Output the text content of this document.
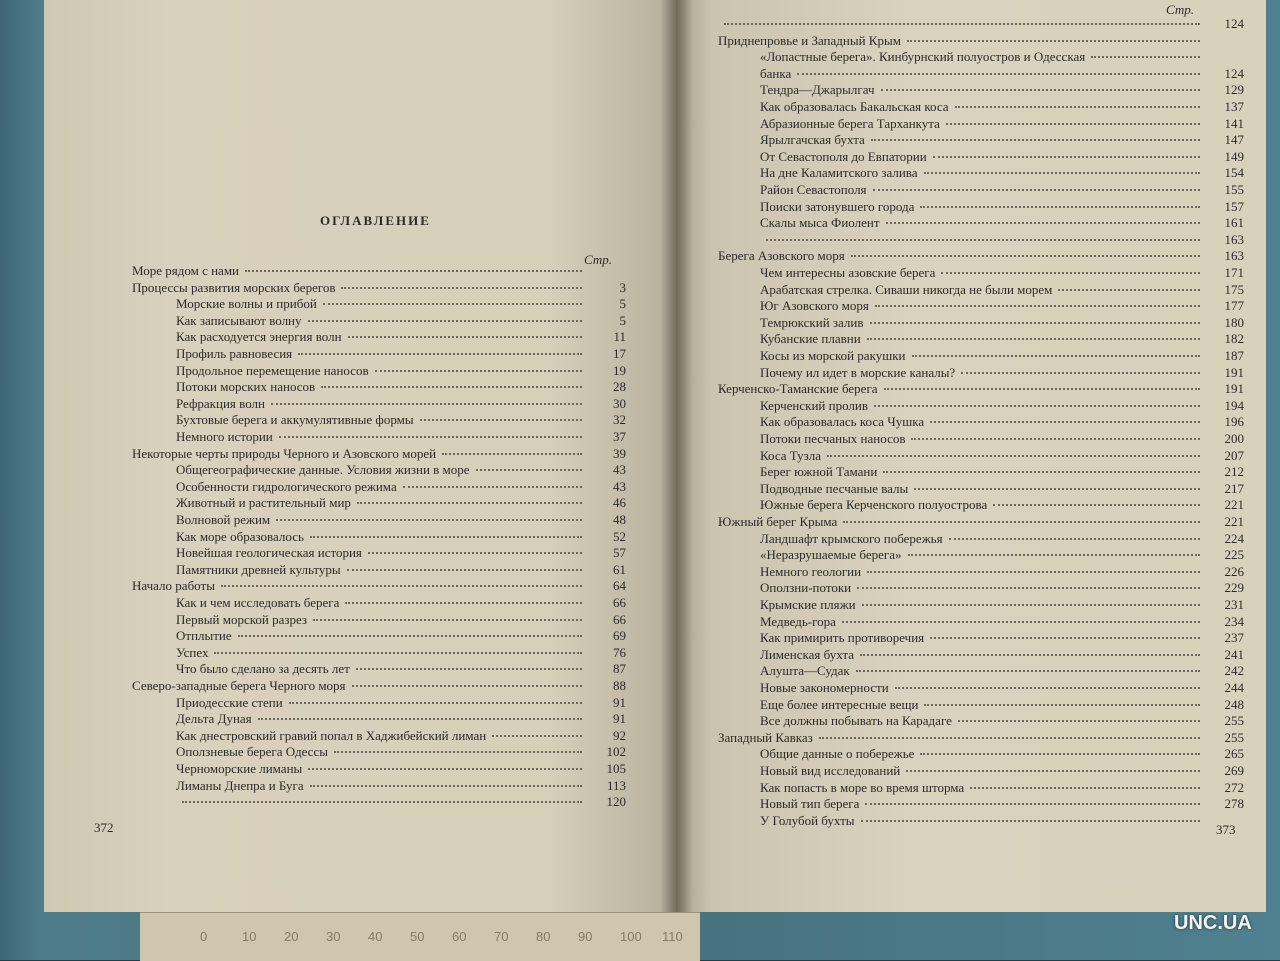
0	10 20 30 40 50 60 70 80 90 100 110
ОГЛАВЛЕНИЕ
Стр.
372
Море рядом с нами
Процессы развития морских берегов	3
Морские волны и прибой	5
Как записывают волну	5
Как расходуется энергия волн	11
Профиль равновесия	17
Продольное перемещение наносов	19
Потоки морских наносов	28
Рефракция волн	30
Бухтовые берега и аккумулятивные формы	32
Немного истории	37
Некоторые черты природы Черного и Азовского морей	39
Общегеографические данные. Условия жизни в море	43
Особенности гидрологического режима	43
Животный и растительный мир	46
Волновой режим	48
Как море образовалось	52
Новейшая геологическая история	57
Памятники древней культуры	61
Начало работы	64
Как и чем исследовать берега	66
Первый морской разрез	66
Отплытие	69
Успех	76
Что было сделано за десять лет	87
Северо-западные берега Черного моря	88
Приодесские степи	91
Дельта Дуная	91
Как днестровский гравий попал в Хаджибейский лиман	92
Оползневые берега Одессы	102
Черноморские лиманы	105
Лиманы Днепра и Буга	113
120
Стр.
373
124
Приднепровье и Западный Крым
«Лопастные берега». Кинбурнский полуостров и Одесская
банка	124
Тендра—Джарылгач	129
Как образовалась Бакальская коса	137
Абразионные берега Тарханкута	141
Ярылгачская бухта	147
От Севастополя до Евпатории	149
На дне Каламитского залива	154
Район Севастополя	155
Поиски затонувшего города	157
Скалы мыса Фиолент	161
163
Берега Азовского моря	163
Чем интересны азовские берега	171
Арабатская стрелка. Сиваши никогда не были морем	175
Юг Азовского моря	177
Темрюкский залив	180
Кубанские плавни	182
Косы из морской ракушки	187
Почему ил идет в морские каналы?	191
Керченско-Таманские берега	191
Керченский пролив	194
Как образовалась коса Чушка	196
Потоки песчаных наносов	200
Коса Тузла	207
Берег южной Тамани	212
Подводные песчаные валы	217
Южные берега Керченского полуострова	221
Южный берег Крыма	221
Ландшафт крымского побережья	224
«Неразрушаемые берега»	225
Немного геологии	226
Оползни-потоки	229
Крымские пляжи	231
Медведь-гора	234
Как примирить противоречия	237
Лименская бухта	241
Алушта—Судак	242
Новые закономерности	244
Еще более интересные вещи	248
Все должны побывать на Карадаге	255
Западный Кавказ	255
Общие данные о побережье	265
Новый вид исследований	269
Как попасть в море во время шторма	272
Новый тип берега	278
У Голубой бухты
UNC.UA
